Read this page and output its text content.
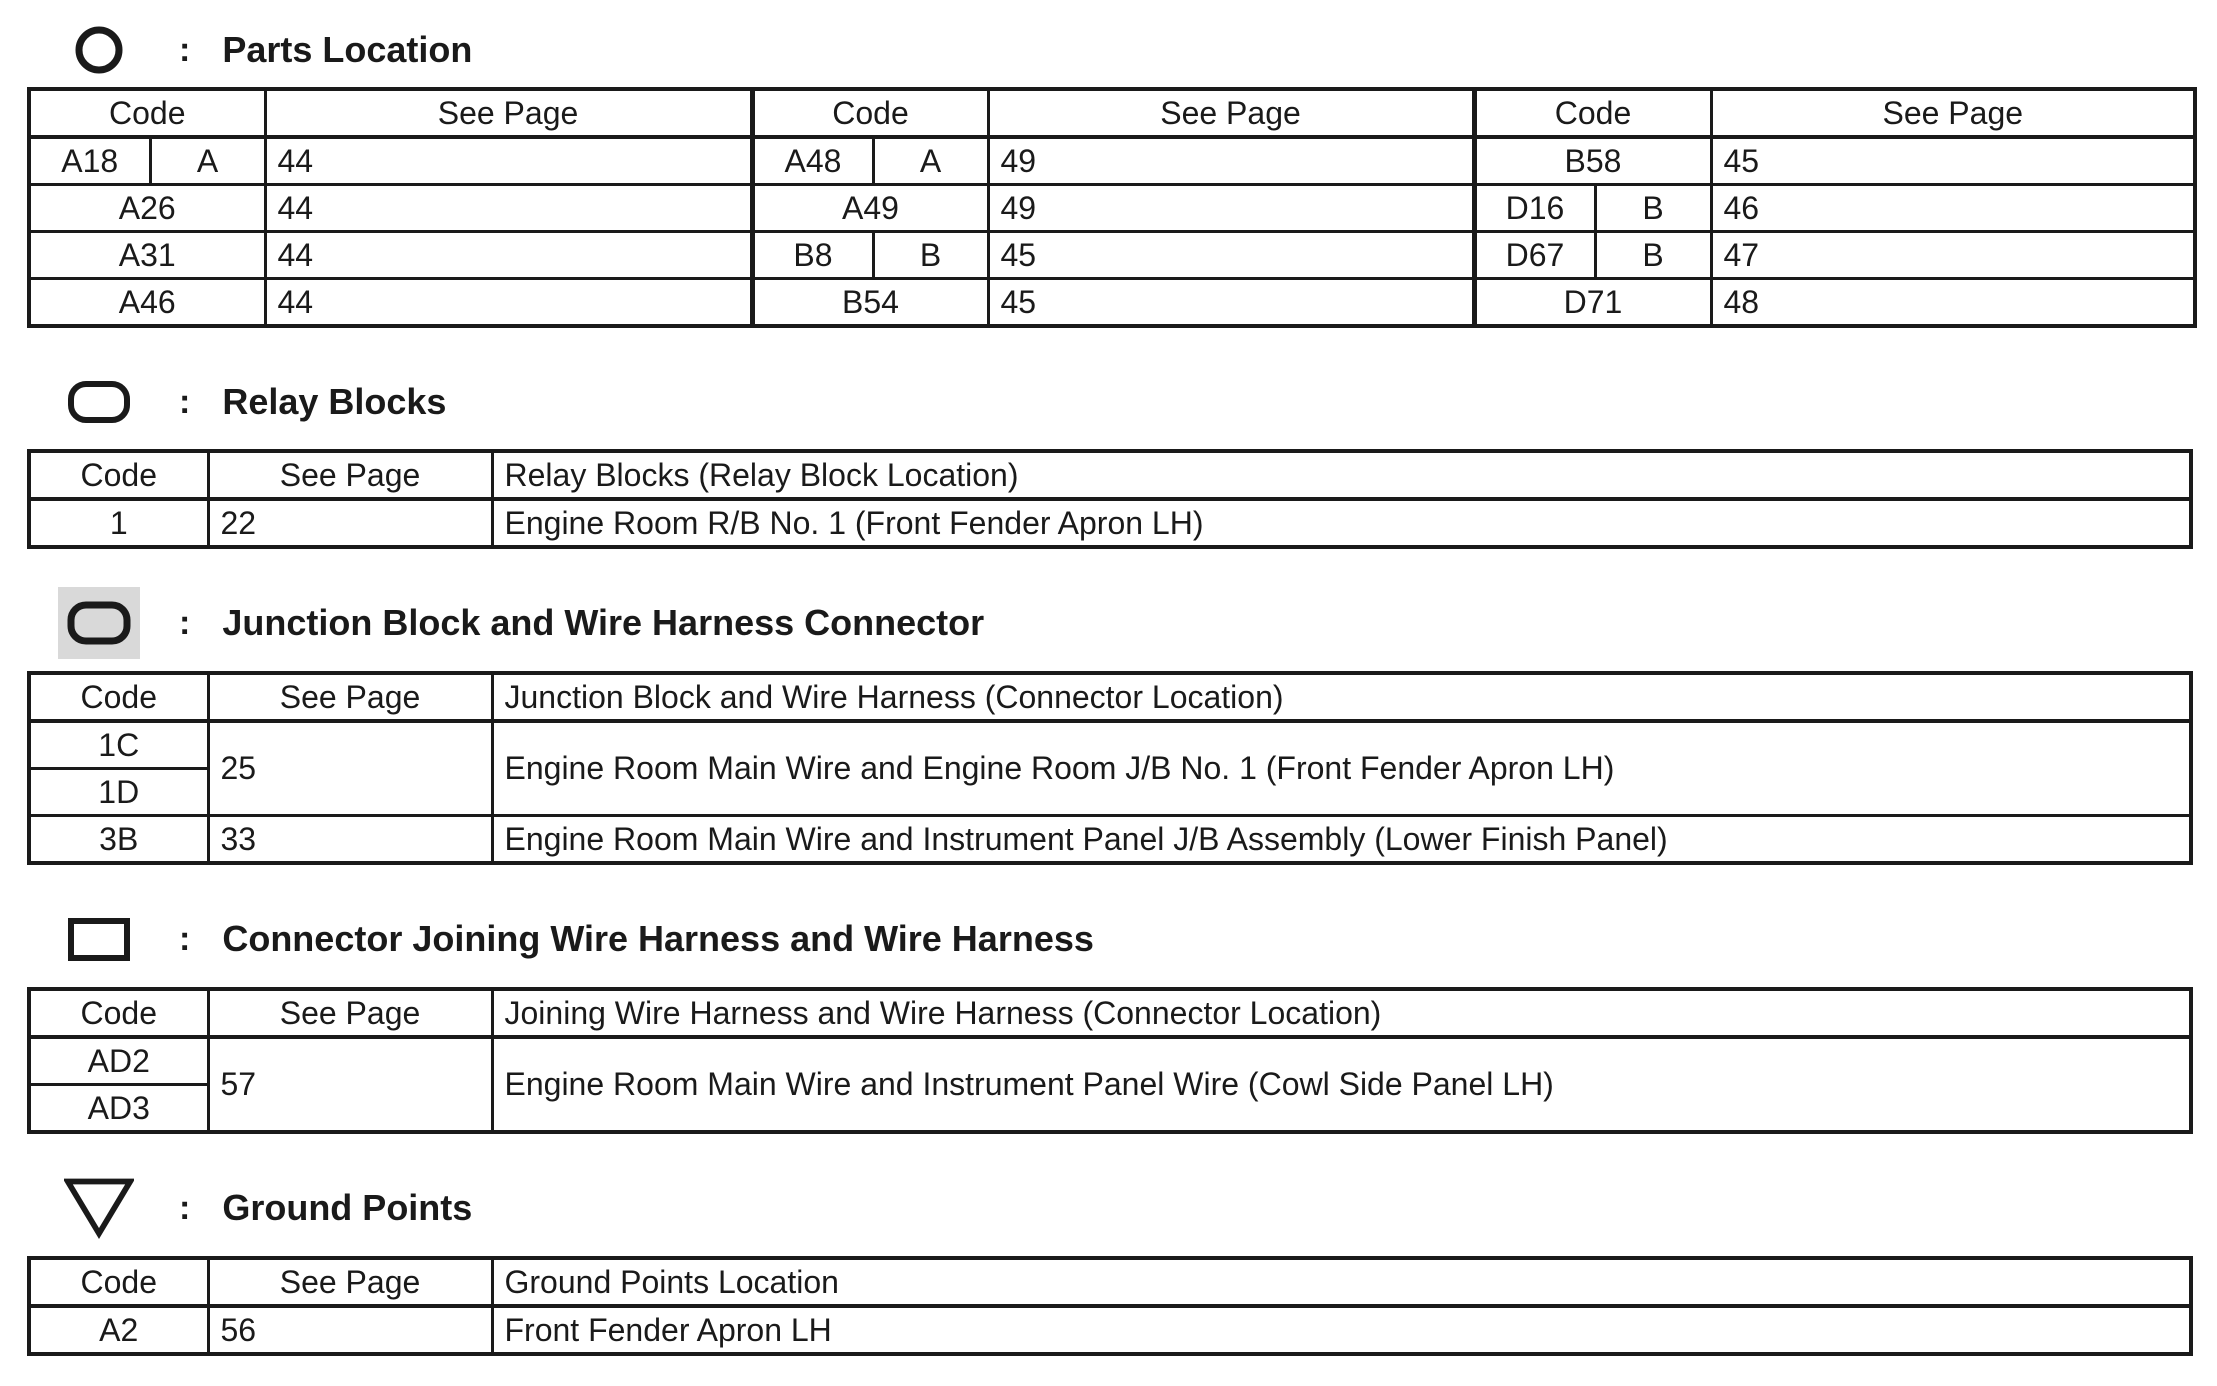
: Parts Location
Code		See Page	Code		See Page	Code		See Page
A18	A	44	A48	A	49	B58		45
A26		44	A49		49	D16	B	46
A31		44	B8	B	45	D67	B	47
A46		44	B54		45	D71		48
: Relay Blocks
Code	See Page	Relay Blocks (Relay Block Location)
1	22	Engine Room R/B No. 1 (Front Fender Apron LH)
: Junction Block and Wire Harness Connector
Code	See Page	Junction Block and Wire Harness (Connector Location)
1C	25	Engine Room Main Wire and Engine Room J/B No. 1 (Front Fender Apron LH)
1D		
3B	33	Engine Room Main Wire and Instrument Panel J/B Assembly (Lower Finish Panel)
: Connector Joining Wire Harness and Wire Harness
Code	See Page	Joining Wire Harness and Wire Harness (Connector Location)
AD2	57	Engine Room Main Wire and Instrument Panel Wire (Cowl Side Panel LH)
AD3		
: Ground Points
Code	See Page	Ground Points Location
A2	56	Front Fender Apron LH
